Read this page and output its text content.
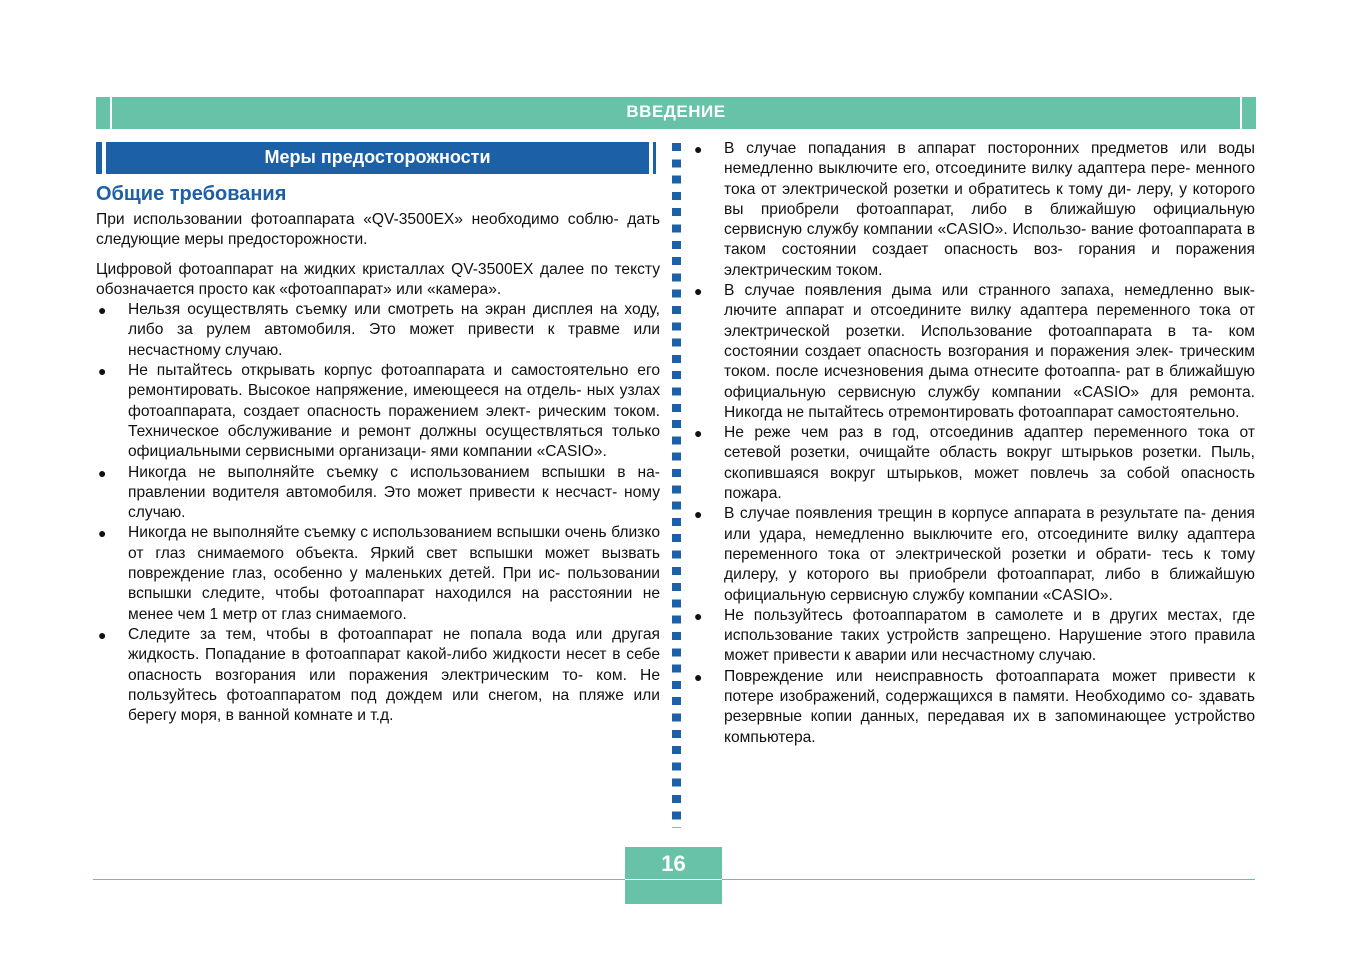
ВВЕДЕНИЕ
Меры предосторожности
Общие требования

При использовании фотоаппарата «QV-3500EX» необходимо соблю- дать следующие меры предосторожности.

Цифровой фотоаппарат на жидких кристаллах QV-3500EX далее по тексту обозначается просто как «фотоаппарат» или «камера».

● Нельзя осуществлять съемку или смотреть на экран дисплея на ходу, либо за рулем автомобиля. Это может привести к травме или несчастному случаю.
● Не пытайтесь открывать корпус фотоаппарата и самостоятельно его ремонтировать. Высокое напряжение, имеющееся на отдель- ных узлах фотоаппарата, создает опасность поражением элект- рическим током. Техническое обслуживание и ремонт должны осуществляться только официальными сервисными организаци- ями компании «CASIO».
● Никогда не выполняйте съемку с использованием вспышки в на- правлении водителя автомобиля. Это может привести к несчаст- ному случаю.
● Никогда не выполняйте съемку с использованием вспышки очень близко от глаз снимаемого объекта. Яркий свет вспышки может вызвать повреждение глаз, особенно у маленьких детей. При ис- пользовании вспышки следите, чтобы фотоаппарат находился на расстоянии не менее чем 1 метр от глаз снимаемого.
● Следите за тем, чтобы в фотоаппарат не попала вода или другая жидкость. Попадание в фотоаппарат какой-либо жидкости несет в себе опасность возгорания или поражения электрическим то- ком. Не пользуйтесь фотоаппаратом под дождем или снегом, на пляже или берегу моря, в ванной комнате и т.д.
● В случае попадания в аппарат посторонних предметов или воды немедленно выключите его, отсоедините вилку адаптера пере- менного тока от электрической розетки и обратитесь к тому ди- леру, у которого вы приобрели фотоаппарат, либо в ближайшую официальную сервисную службу компании «CASIO». Использо- вание фотоаппарата в таком состоянии создает опасность воз- горания и поражения электрическим током.
● В случае появления дыма или странного запаха, немедленно вык- лючите аппарат и отсоедините вилку адаптера переменного тока от электрической розетки. Использование фотоаппарата в та- ком состоянии создает опасность возгорания и поражения элек- трическим током. после исчезновения дыма отнесите фотоаппа- рат в ближайшую официальную сервисную службу компании «CASIO» для ремонта. Никогда не пытайтесь отремонтировать фотоаппарат самостоятельно.
● Не реже чем раз в год, отсоединив адаптер переменного тока от сетевой розетки, очищайте область вокруг штырьков розетки. Пыль, скопившаяся вокруг штырьков, может повлечь за собой опасность пожара.
● В случае появления трещин в корпусе аппарата в результате па- дения или удара, немедленно выключите его, отсоедините вилку адаптера переменного тока от электрической розетки и обрати- тесь к тому дилеру, у которого вы приобрели фотоаппарат, либо в ближайшую официальную сервисную службу компании «CASIO».
● Не пользуйтесь фотоаппаратом в самолете и в других местах, где использование таких устройств запрещено. Нарушение этого правила может привести к аварии или несчастному случаю.
● Повреждение или неисправность фотоаппарата может привести к потере изображений, содержащихся в памяти. Необходимо со- здавать резервные копии данных, передавая их в запоминающее устройство компьютера.
16
